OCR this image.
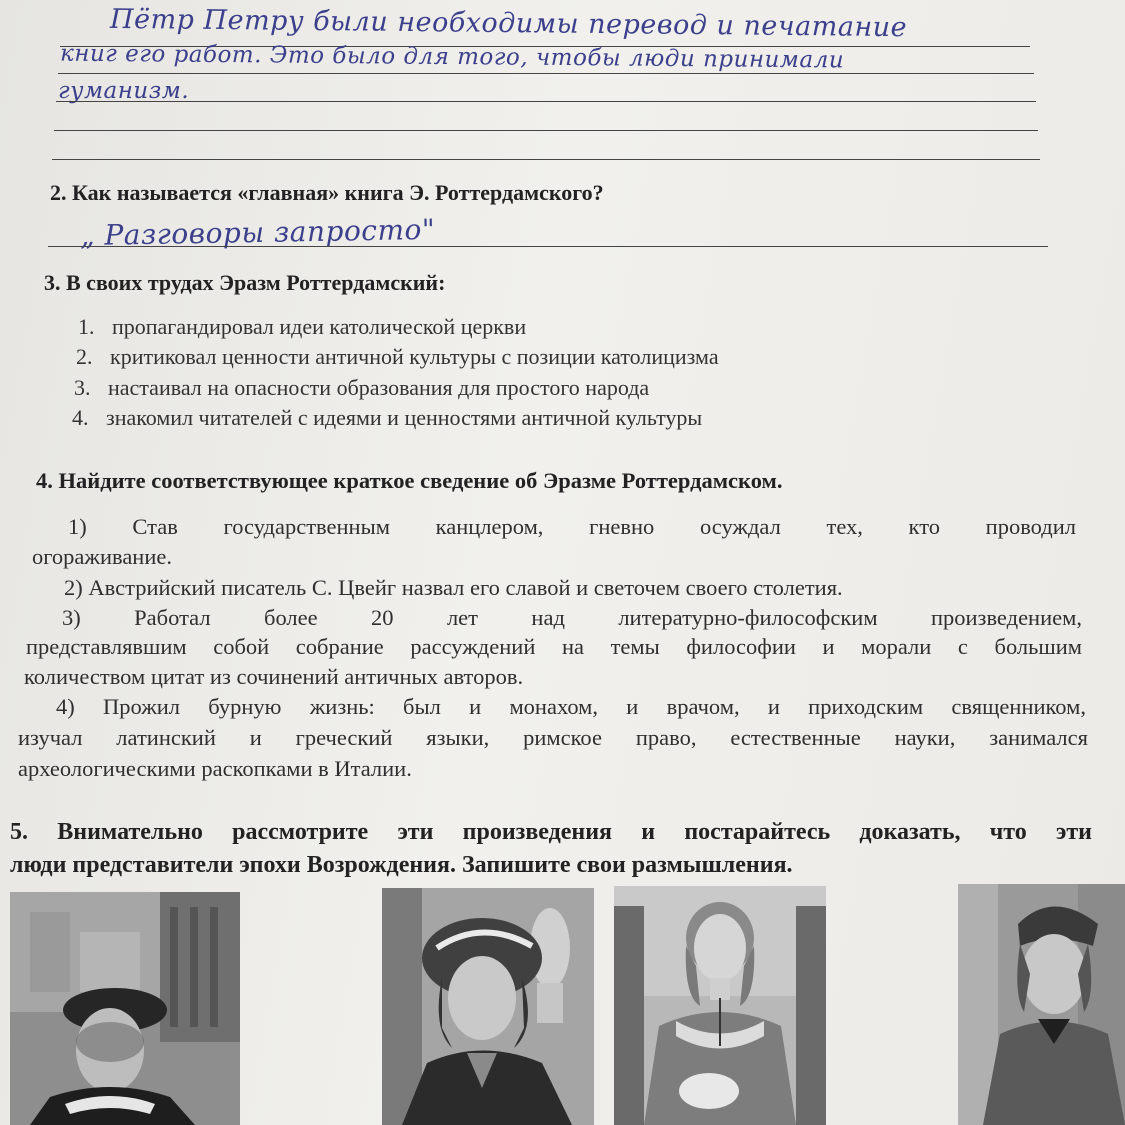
Пётр Петру были необходимы перевод и печатание
книг его работ. Это было для того, чтобы люди принимали
гуманизм.
2. Как называется «главная» книга Э. Роттердамского?
„ Разговоры запросто"
3. В своих трудах Эразм Роттердамский:
1. пропагандировал идеи католической церкви
2. критиковал ценности античной культуры с позиции католицизма
3. настаивал на опасности образования для простого народа
4. знакомил читателей с идеями и ценностями античной культуры
4. Найдите соответствующее краткое сведение об Эразме Роттердамском.
1) Став государственным канцлером, гневно осуждал тех, кто проводил
огораживание.
2) Австрийский писатель С. Цвейг назвал его славой и светочем своего столетия.
3) Работал более 20 лет над литературно-философским произведением,
представлявшим собой собрание рассуждений на темы философии и морали с большим
количеством цитат из сочинений античных авторов.
4) Прожил бурную жизнь: был и монахом, и врачом, и приходским священником,
изучал латинский и греческий языки, римское право, естественные науки, занимался
археологическими раскопками в Италии.
5. Внимательно рассмотрите эти произведения и постарайтесь доказать, что эти
люди представители эпохи Возрождения. Запишите свои размышления.
